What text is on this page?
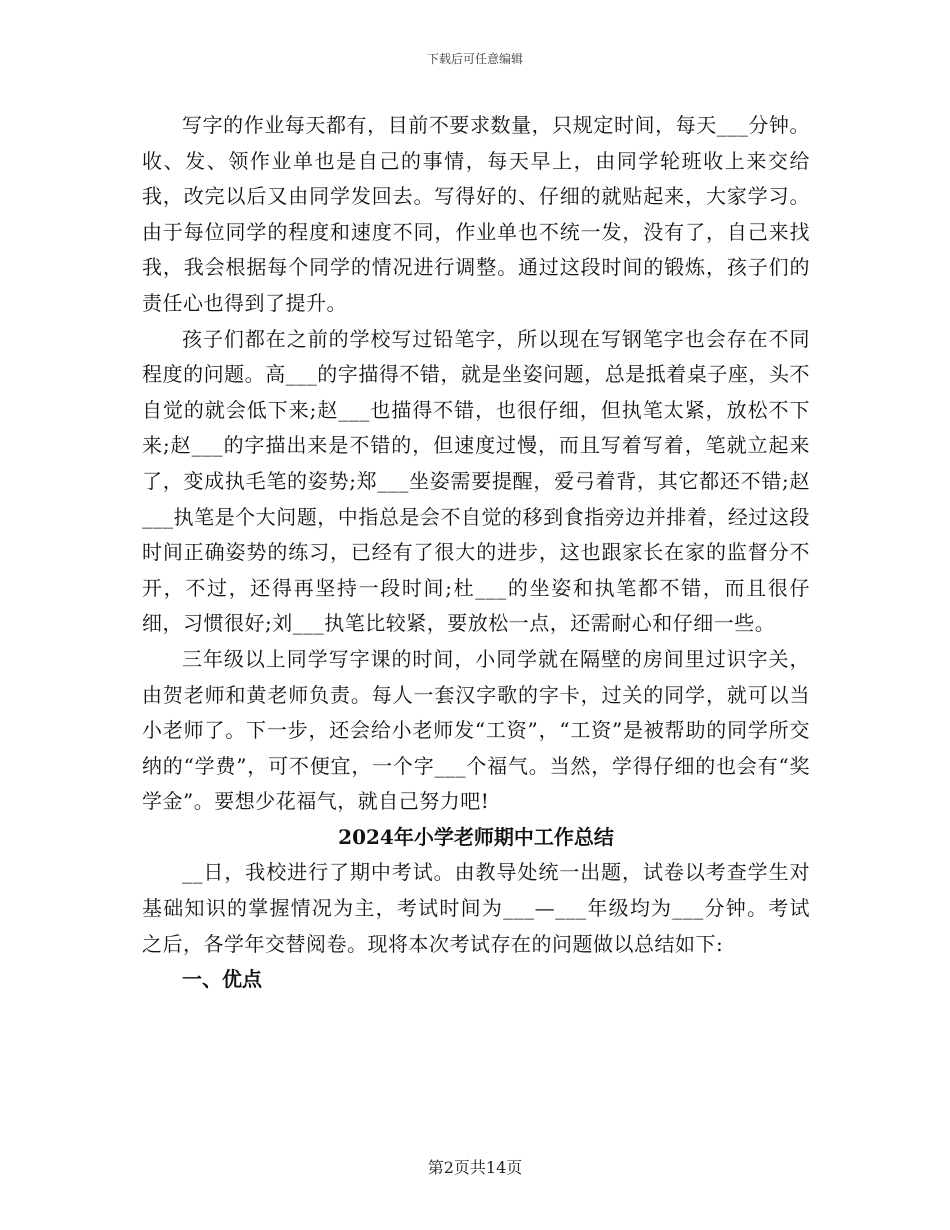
下载后可任意编辑

写字的作业每天都有，目前不要求数量，只规定时间，每天___分钟。收、发、领作业单也是自己的事情，每天早上，由同学轮班收上来交给我，改完以后又由同学发回去。写得好的、仔细的就贴起来，大家学习。由于每位同学的程度和速度不同，作业单也不统一发，没有了，自己来找我，我会根据每个同学的情况进行调整。通过这段时间的锻炼，孩子们的责任心也得到了提升。

孩子们都在之前的学校写过铅笔字，所以现在写钢笔字也会存在不同程度的问题。高___的字描得不错，就是坐姿问题，总是抵着桌子座，头不自觉的就会低下来;赵___也描得不错，也很仔细，但执笔太紧，放松不下来;赵___的字描出来是不错的，但速度过慢，而且写着写着，笔就立起来了，变成执毛笔的姿势;郑___坐姿需要提醒，爱弓着背，其它都还不错;赵___执笔是个大问题，中指总是会不自觉的移到食指旁边并排着，经过这段时间正确姿势的练习，已经有了很大的进步，这也跟家长在家的监督分不开，不过，还得再坚持一段时间;杜___的坐姿和执笔都不错，而且很仔细，习惯很好;刘___执笔比较紧，要放松一点，还需耐心和仔细一些。

三年级以上同学写字课的时间，小同学就在隔壁的房间里过识字关，由贺老师和黄老师负责。每人一套汉字歌的字卡，过关的同学，就可以当小老师了。下一步，还会给小老师发“工资”，“工资”是被帮助的同学所交纳的“学费”，可不便宜，一个字___个福气。当然，学得仔细的也会有“奖学金”。要想少花福气，就自己努力吧!

2024年小学老师期中工作总结

__日，我校进行了期中考试。由教导处统一出题，试卷以考查学生对基础知识的掌握情况为主，考试时间为___—___年级均为___分钟。考试之后，各学年交替阅卷。现将本次考试存在的问题做以总结如下:

一、优点

第2页共14页
